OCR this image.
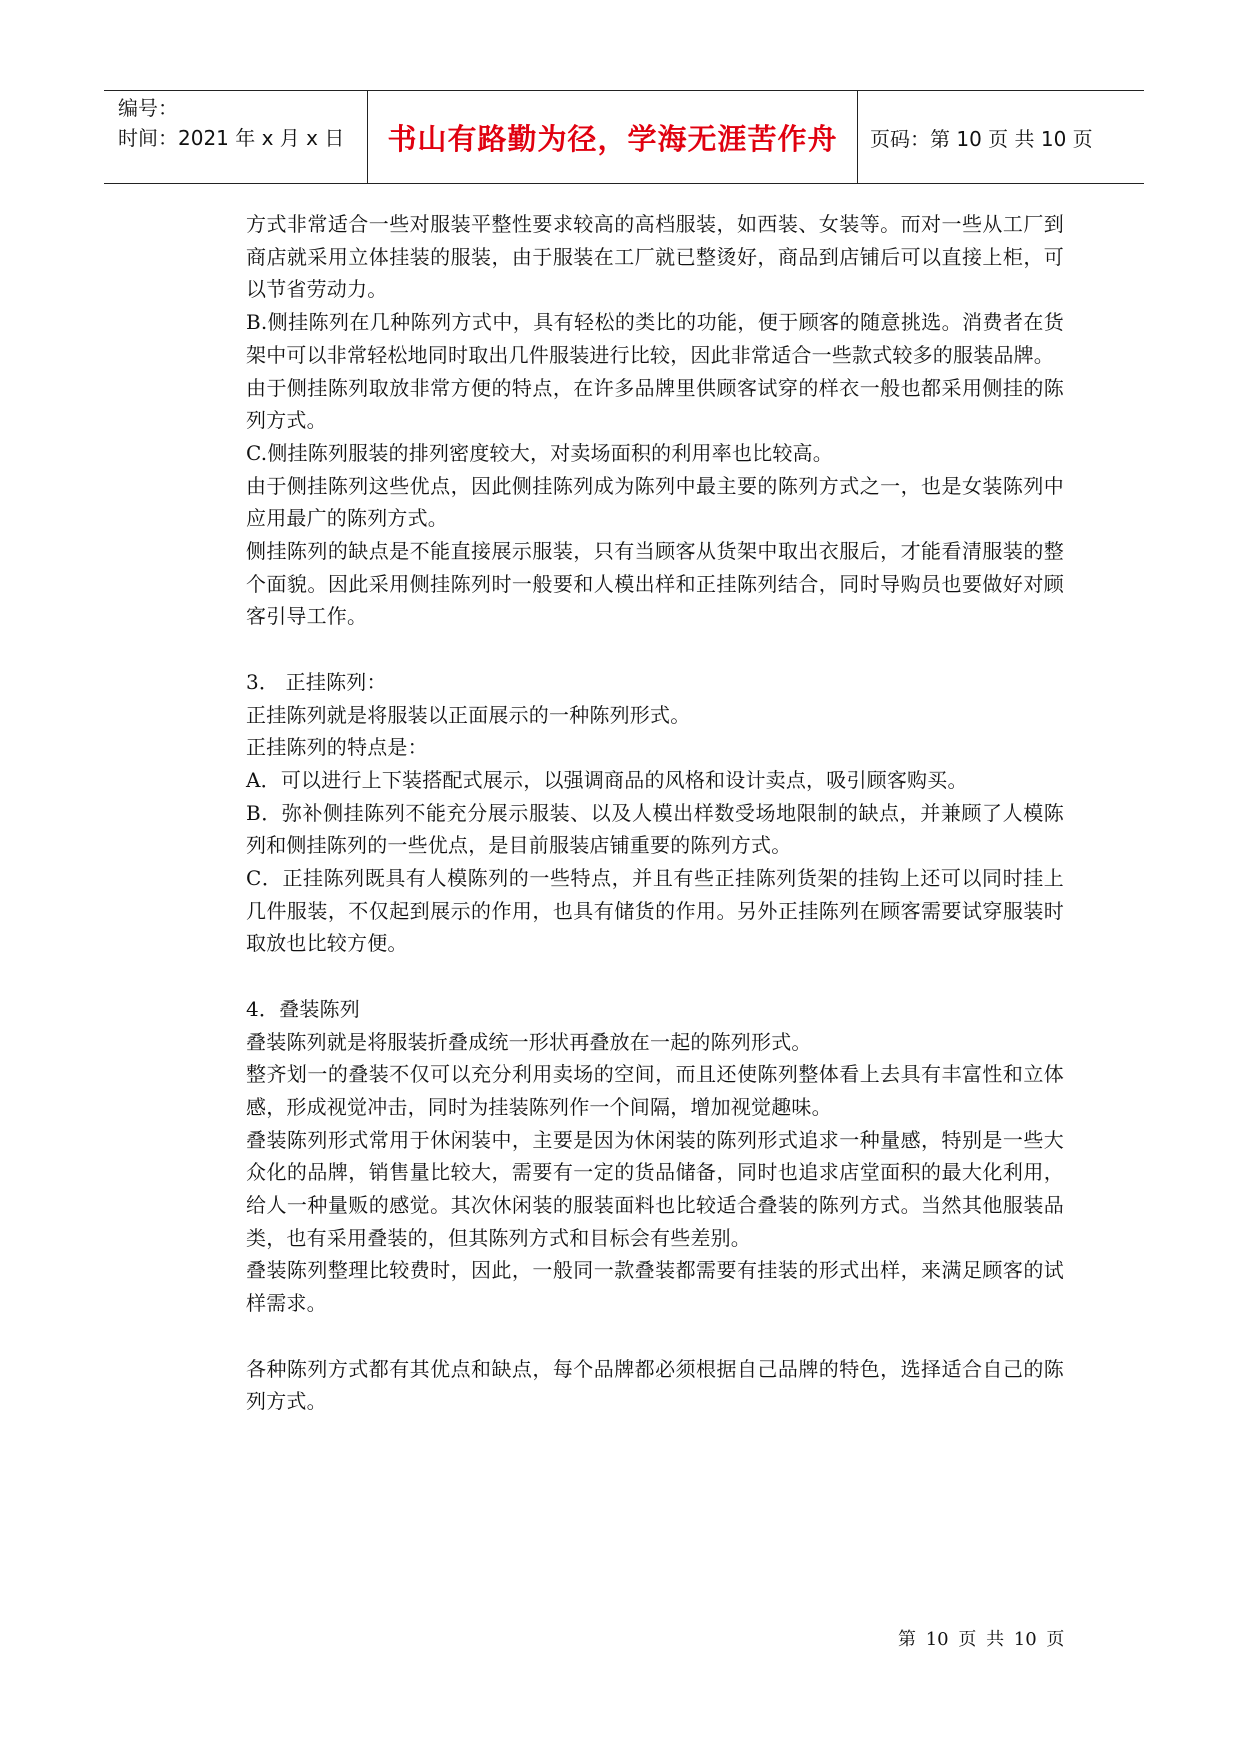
编号：
时间：2021 年 x 月 x 日	书山有路勤为径，学海无涯苦作舟 页码：第 10 页 共 10 页

方式非常适合一些对服装平整性要求较高的高档服装，如西装、女装等。而对一些从工厂到商店就采用立体挂装的服装，由于服装在工厂就已整烫好，商品到店铺后可以直接上柜，可以节省劳动力。

B.侧挂陈列在几种陈列方式中，具有轻松的类比的功能，便于顾客的随意挑选。消费者在货架中可以非常轻松地同时取出几件服装进行比较，因此非常适合一些款式较多的服装品牌。

由于侧挂陈列取放非常方便的特点，在许多品牌里供顾客试穿的样衣一般也都采用侧挂的陈列方式。

C.侧挂陈列服装的排列密度较大，对卖场面积的利用率也比较高。

由于侧挂陈列这些优点，因此侧挂陈列成为陈列中最主要的陈列方式之一，也是女装陈列中应用最广的陈列方式。

侧挂陈列的缺点是不能直接展示服装，只有当顾客从货架中取出衣服后，才能看清服装的整个面貌。因此采用侧挂陈列时一般要和人模出样和正挂陈列结合，同时导购员也要做好对顾客引导工作。

3． 正挂陈列：

正挂陈列就是将服装以正面展示的一种陈列形式。

正挂陈列的特点是：

A．可以进行上下装搭配式展示，以强调商品的风格和设计卖点，吸引顾客购买。

B．弥补侧挂陈列不能充分展示服装、以及人模出样数受场地限制的缺点，并兼顾了人模陈列和侧挂陈列的一些优点，是目前服装店铺重要的陈列方式。

C．正挂陈列既具有人模陈列的一些特点，并且有些正挂陈列货架的挂钩上还可以同时挂上几件服装，不仅起到展示的作用，也具有储货的作用。另外正挂陈列在顾客需要试穿服装时取放也比较方便。

4．叠装陈列

叠装陈列就是将服装折叠成统一形状再叠放在一起的陈列形式。

整齐划一的叠装不仅可以充分利用卖场的空间，而且还使陈列整体看上去具有丰富性和立体感，形成视觉冲击，同时为挂装陈列作一个间隔，增加视觉趣味。

叠装陈列形式常用于休闲装中，主要是因为休闲装的陈列形式追求一种量感，特别是一些大众化的品牌，销售量比较大，需要有一定的货品储备，同时也追求店堂面积的最大化利用，给人一种量贩的感觉。其次休闲装的服装面料也比较适合叠装的陈列方式。当然其他服装品类，也有采用叠装的，但其陈列方式和目标会有些差别。

叠装陈列整理比较费时，因此，一般同一款叠装都需要有挂装的形式出样，来满足顾客的试样需求。

各种陈列方式都有其优点和缺点，每个品牌都必须根据自己品牌的特色，选择适合自己的陈列方式。

第 10 页 共 10 页
